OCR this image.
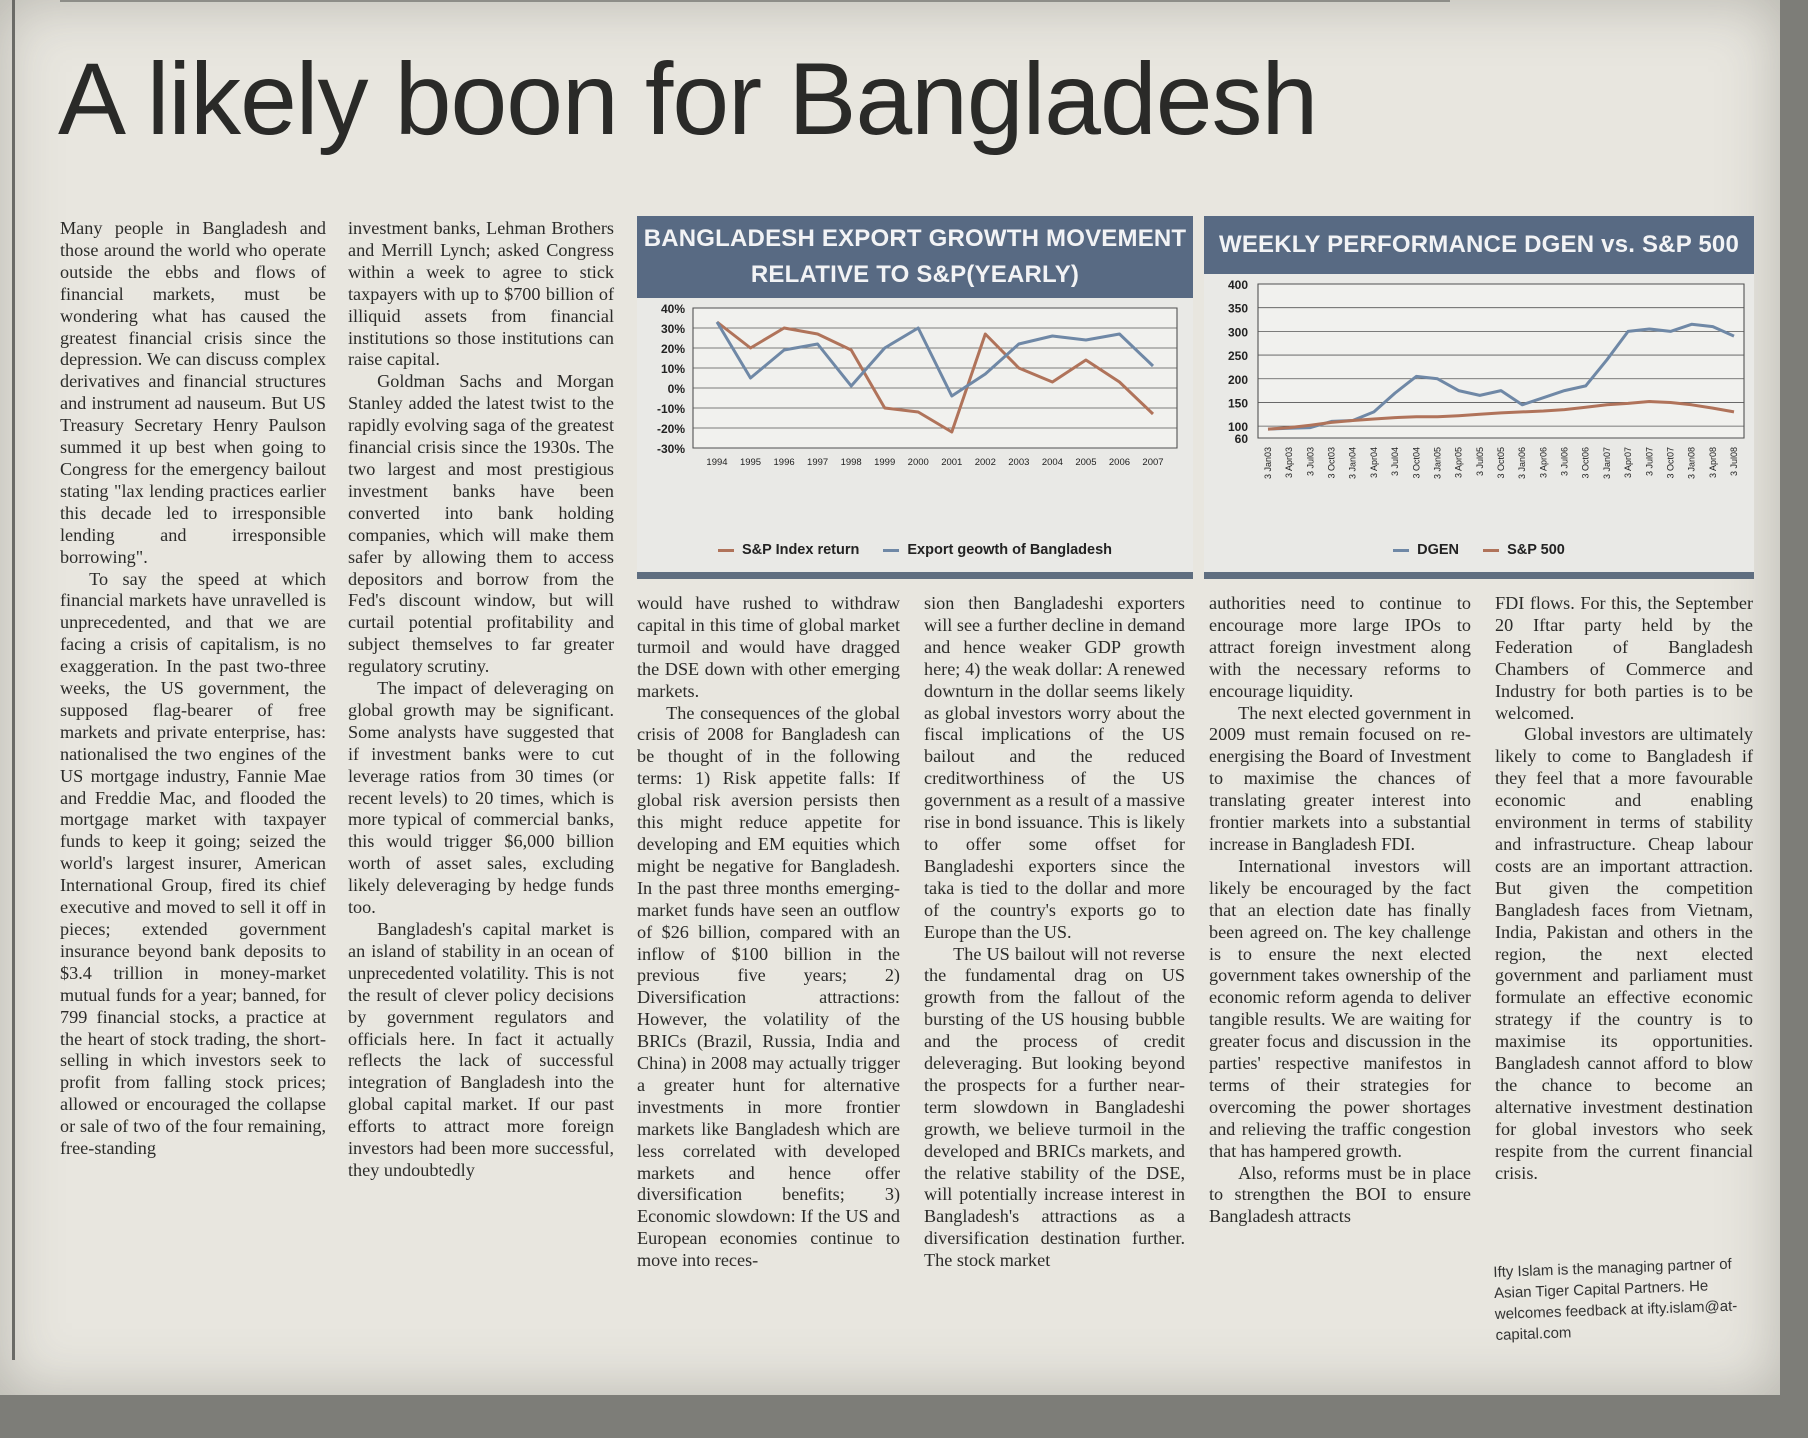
A likely boon for Bangladesh

Many people in Bangladesh and those around the world who operate outside the ebbs and flows of financial markets, must be wondering what has caused the greatest financial crisis since the depression. We can discuss complex derivatives and financial structures and instrument ad nauseum. But US Treasury Secretary Henry Paulson summed it up best when going to Congress for the emergency bailout stating "lax lending practices earlier this decade led to irresponsible lending and irresponsible borrowing".

To say the speed at which financial markets have unravelled is unprecedented, and that we are facing a crisis of capitalism, is no exaggeration. In the past two-three weeks, the US government, the supposed flag-bearer of free markets and private enterprise, has: nationalised the two engines of the US mortgage industry, Fannie Mae and Freddie Mac, and flooded the mortgage market with taxpayer funds to keep it going; seized the world's largest insurer, American International Group, fired its chief executive and moved to sell it off in pieces; extended government insurance beyond bank deposits to $3.4 trillion in money-market mutual funds for a year; banned, for 799 financial stocks, a practice at the heart of stock trading, the short-selling in which investors seek to profit from falling stock prices; allowed or encouraged the collapse or sale of two of the four remaining, free-standing

investment banks, Lehman Brothers and Merrill Lynch; asked Congress within a week to agree to stick taxpayers with up to $700 billion of illiquid assets from financial institutions so those institutions can raise capital.

Goldman Sachs and Morgan Stanley added the latest twist to the rapidly evolving saga of the greatest financial crisis since the 1930s. The two largest and most prestigious investment banks have been converted into bank holding companies, which will make them safer by allowing them to access depositors and borrow from the Fed's discount window, but will curtail potential profitability and subject themselves to far greater regulatory scrutiny.

The impact of deleveraging on global growth may be significant. Some analysts have suggested that if investment banks were to cut leverage ratios from 30 times (or recent levels) to 20 times, which is more typical of commercial banks, this would trigger $6,000 billion worth of asset sales, excluding likely deleveraging by hedge funds too.

Bangladesh's capital market is an island of stability in an ocean of unprecedented volatility. This is not the result of clever policy decisions by government regulators and officials here. In fact it actually reflects the lack of successful integration of Bangladesh into the global capital market. If our past efforts to attract more foreign investors had been more successful, they undoubtedly

would have rushed to withdraw capital in this time of global market turmoil and would have dragged the DSE down with other emerging markets.

The consequences of the global crisis of 2008 for Bangladesh can be thought of in the following terms: 1) Risk appetite falls: If global risk aversion persists then this might reduce appetite for developing and EM equities which might be negative for Bangladesh. In the past three months emerging-market funds have seen an outflow of $26 billion, compared with an inflow of $100 billion in the previous five years; 2) Diversification attractions: However, the volatility of the BRICs (Brazil, Russia, India and China) in 2008 may actually trigger a greater hunt for alternative investments in more frontier markets like Bangladesh which are less correlated with developed markets and hence offer diversification benefits; 3) Economic slowdown: If the US and European economies continue to move into reces-

sion then Bangladeshi exporters will see a further decline in demand and hence weaker GDP growth here; 4) the weak dollar: A renewed downturn in the dollar seems likely as global investors worry about the fiscal implications of the US bailout and the reduced creditworthiness of the US government as a result of a massive rise in bond issuance. This is likely to offer some offset for Bangladeshi exporters since the taka is tied to the dollar and more of the country's exports go to Europe than the US.

The US bailout will not reverse the fundamental drag on US growth from the fallout of the bursting of the US housing bubble and the process of credit deleveraging. But looking beyond the prospects for a further near-term slowdown in Bangladeshi growth, we believe turmoil in the developed and BRICs markets, and the relative stability of the DSE, will potentially increase interest in Bangladesh's attractions as a diversification destination further. The stock market

authorities need to continue to encourage more large IPOs to attract foreign investment along with the necessary reforms to encourage liquidity.

The next elected government in 2009 must remain focused on re-energising the Board of Investment to maximise the chances of translating greater interest into frontier markets into a substantial increase in Bangladesh FDI.

International investors will likely be encouraged by the fact that an election date has finally been agreed on. The key challenge is to ensure the next elected government takes ownership of the economic reform agenda to deliver tangible results. We are waiting for greater focus and discussion in the parties' respective manifestos in terms of their strategies for overcoming the power shortages and relieving the traffic congestion that has hampered growth.

Also, reforms must be in place to strengthen the BOI to ensure Bangladesh attracts

FDI flows. For this, the September 20 Iftar party held by the Federation of Bangladesh Chambers of Commerce and Industry for both parties is to be welcomed.

Global investors are ultimately likely to come to Bangladesh if they feel that a more favourable economic and enabling environment in terms of stability and infrastructure. Cheap labour costs are an important attraction. But given the competition Bangladesh faces from Vietnam, India, Pakistan and others in the region, the next elected government and parliament must formulate an effective economic strategy if the country is to maximise its opportunities. Bangladesh cannot afford to blow the chance to become an alternative investment destination for global investors who seek respite from the current financial crisis.

BANGLADESH EXPORT GROWTH MOVEMENT RELATIVE TO S&P(YEARLY)
40%
30%
20%
10%
0%
-10%
-20%
-30%
1994 1995 1996 1997 1998 1999 2000 2001 2002 2003 2004 2005 2006 2007
S&P Index return	Export geowth of Bangladesh
WEEKLY PERFORMANCE DGEN vs. S&P 500
400
350
300
250
200
150
100
60
3 Jan03 3 Apr03 3 Jul03 3 Oct03 3 Jan04 3 Apr04 3 Jul04 3 Oct04 3 Jan05 3 Apr05 3 Jul05 3 Oct05 3 Jan06 3 Apr06 3 Jul06 3 Oct06 3 Jan07 3 Apr07 3 Jul07 3 Oct07 3 Jan08 3 Apr08 3 Jul08
DGEN	S&P 500
Ifty Islam is the managing partner of Asian Tiger Capital Partners. He welcomes feedback at ifty.islam@at-capital.com
